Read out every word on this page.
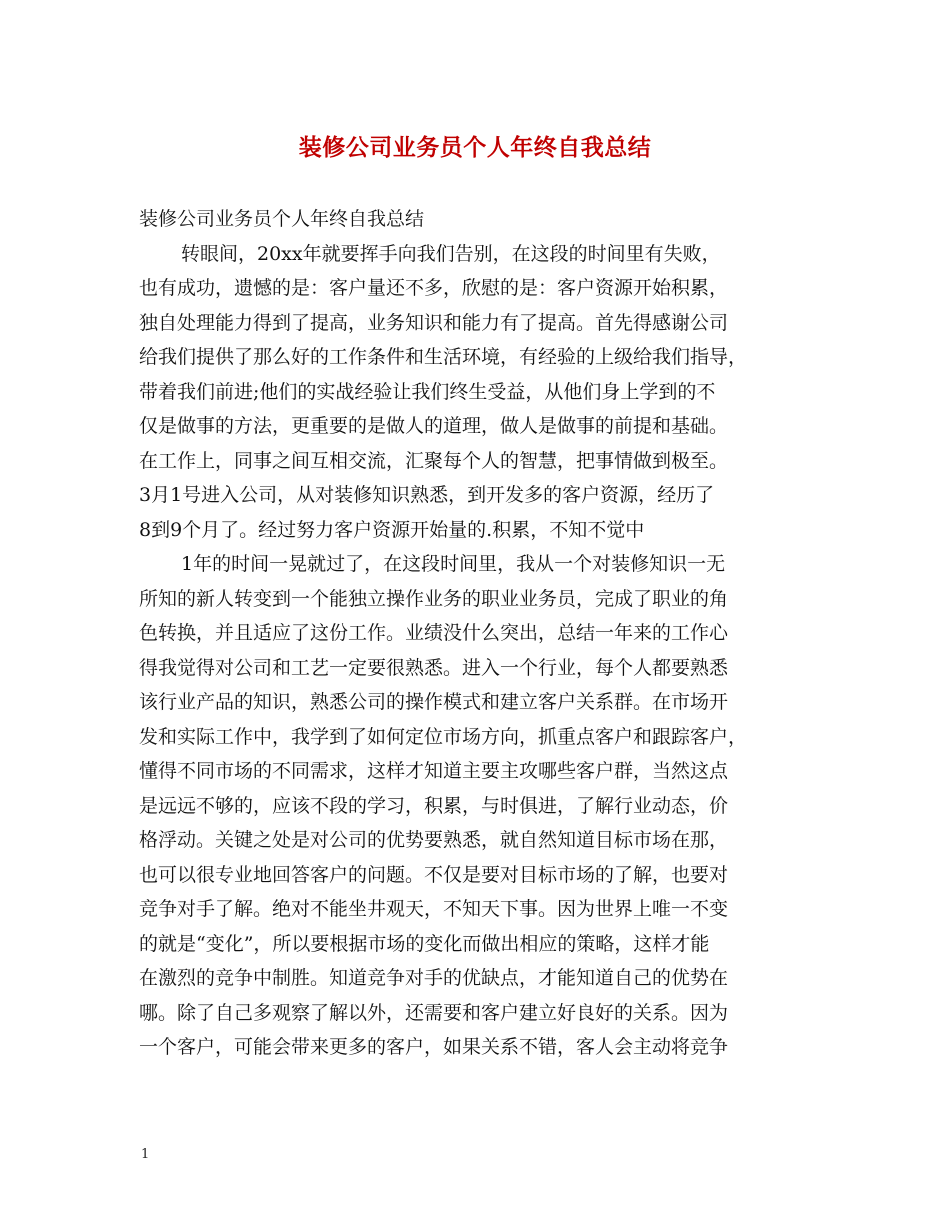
装修公司业务员个人年终自我总结
装修公司业务员个人年终自我总结
转眼间，20xx年就要挥手向我们告别，在这段的时间里有失败，
也有成功，遗憾的是：客户量还不多，欣慰的是：客户资源开始积累，
独自处理能力得到了提高，业务知识和能力有了提高。首先得感谢公司
给我们提供了那么好的工作条件和生活环境，有经验的上级给我们指导，
带着我们前进;他们的实战经验让我们终生受益，从他们身上学到的不
仅是做事的方法，更重要的是做人的道理，做人是做事的前提和基础。
在工作上，同事之间互相交流，汇聚每个人的智慧，把事情做到极至。
3月1号进入公司，从对装修知识熟悉，到开发多的客户资源，经历了
8到9个月了。经过努力客户资源开始量的.积累，不知不觉中
1年的时间一晃就过了，在这段时间里，我从一个对装修知识一无
所知的新人转变到一个能独立操作业务的职业业务员，完成了职业的角
色转换，并且适应了这份工作。业绩没什么突出，总结一年来的工作心
得我觉得对公司和工艺一定要很熟悉。进入一个行业，每个人都要熟悉
该行业产品的知识，熟悉公司的操作模式和建立客户关系群。在市场开
发和实际工作中，我学到了如何定位市场方向，抓重点客户和跟踪客户，
懂得不同市场的不同需求，这样才知道主要主攻哪些客户群，当然这点
是远远不够的，应该不段的学习，积累，与时俱进，了解行业动态，价
格浮动。关键之处是对公司的优势要熟悉，就自然知道目标市场在那，
也可以很专业地回答客户的问题。不仅是要对目标市场的了解，也要对
竞争对手了解。绝对不能坐井观天，不知天下事。因为世界上唯一不变
的就是“变化”，所以要根据市场的变化而做出相应的策略，这样才能
在激烈的竞争中制胜。知道竞争对手的优缺点，才能知道自己的优势在
哪。除了自己多观察了解以外，还需要和客户建立好良好的关系。因为
一个客户，可能会带来更多的客户，如果关系不错，客人会主动将竞争
1
